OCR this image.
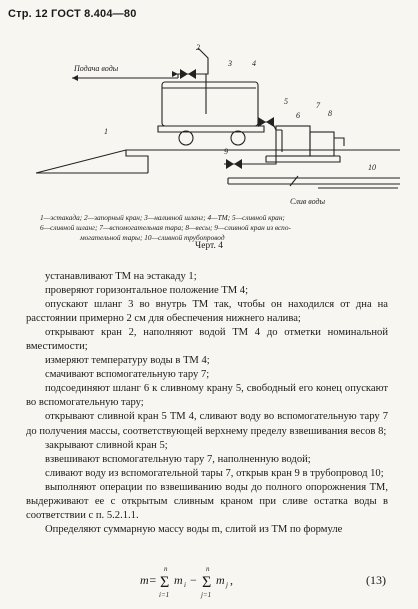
Стр. 12 ГОСТ 8.404—80
Подача воды
Слив воды
1
2
3	4
5
6
7
8
9
10
1—эстакада; 2—запорный кран; 3—наливной шланг; 4—ТМ; 5—сливной кран;
6—сливной шланг; 7—вспомогательная тара; 8—весы; 9—сливной кран из вспо-
могательной тары; 10—сливной трубопровод
Черт. 4

устанавливают ТМ на эстакаду 1;

проверяют горизонтальное положение ТМ 4;

опускают шланг 3 во внутрь ТМ так, чтобы он находился от дна на расстоянии примерно 2 см для обеспечения нижнего налива;

открывают кран 2, наполняют водой ТМ 4 до отметки номинальной вместимости;

измеряют температуру воды в ТМ 4;

смачивают вспомогательную тару 7;

подсоединяют шланг 6 к сливному крану 5, свободный его конец опускают во вспомогательную тару;

открывают сливной кран 5 ТМ 4, сливают воду во вспомогательную тару 7 до получения массы, соответствующей верхнему пределу взвешивания весов 8;

закрывают сливной кран 5;

взвешивают вспомогательную тару 7, наполненную водой;

сливают воду из вспомогательной тары 7, открыв кран 9 в трубопровод 10;

выполняют операции по взвешиванию воды до полного опорожнения ТМ, выдерживают ее с открытым сливным краном при сливе остатка воды в соответствии с п. 5.2.1.1.

Определяют суммарную массу воды m, слитой из ТМ по формуле

m=
n
Σ
i=1
m i −
n
Σ
j=1
m j ,	(13)
